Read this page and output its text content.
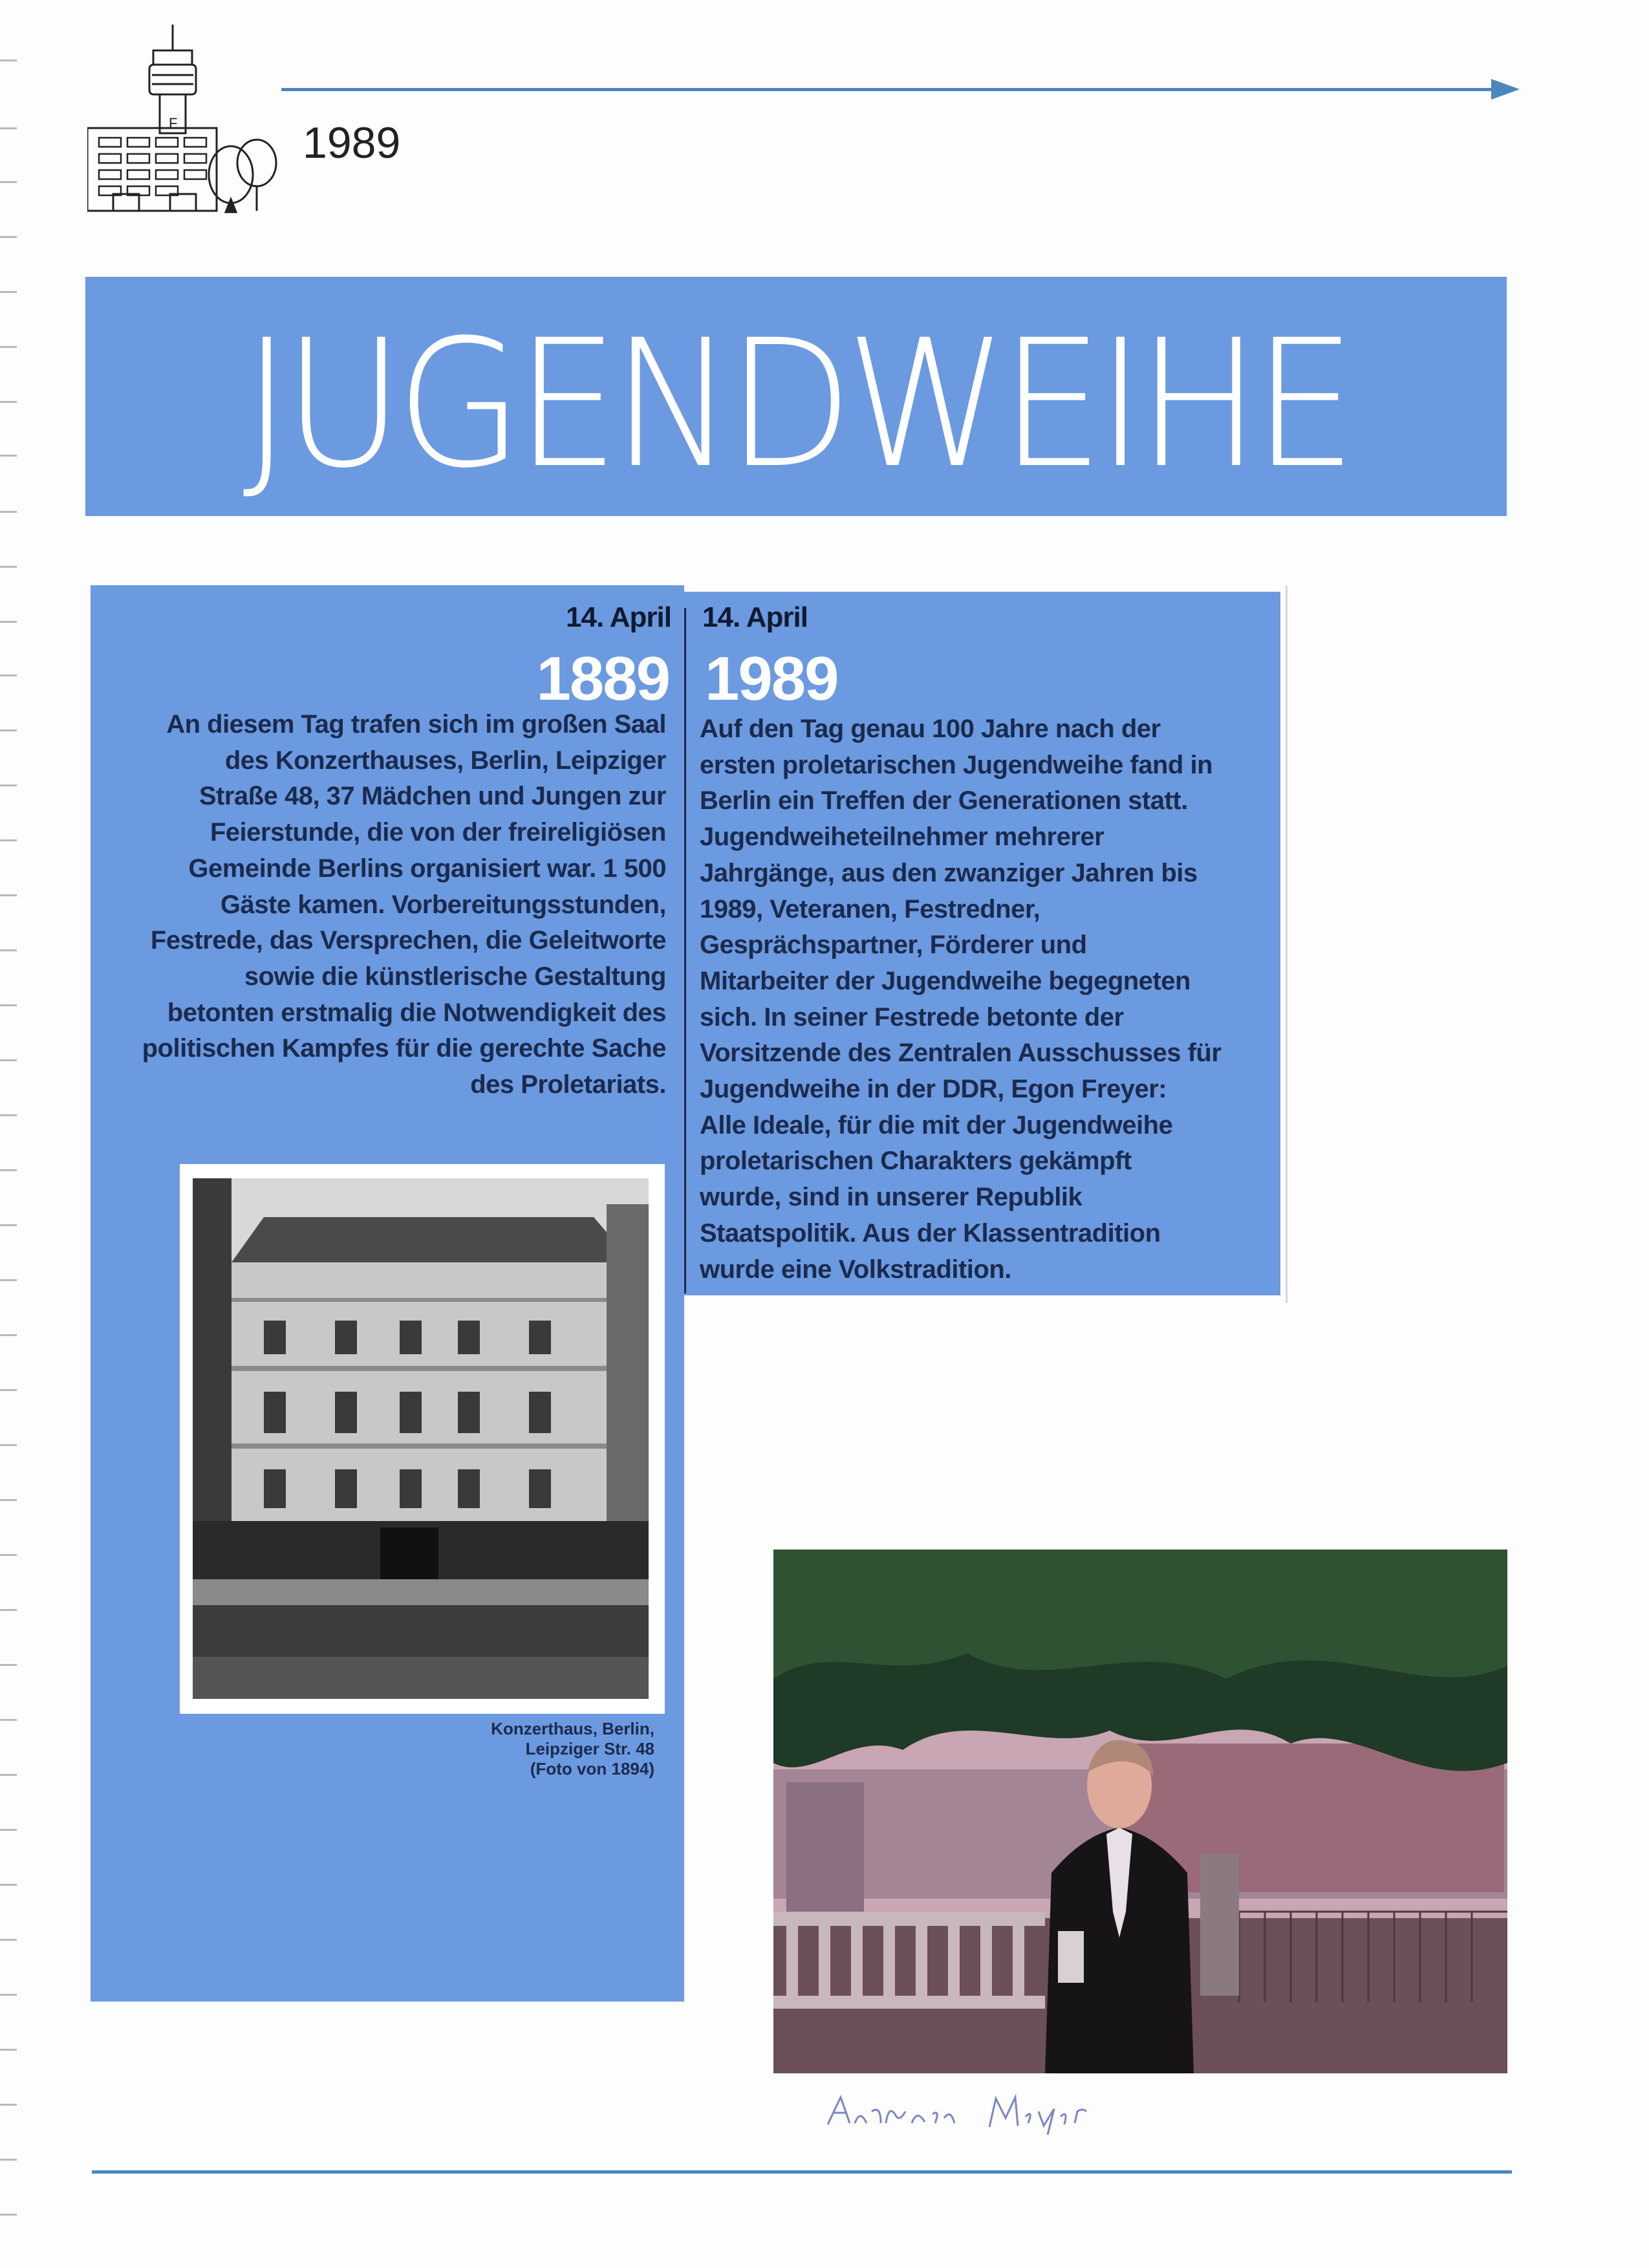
F	1989
JUGENDWEIHE
14. April
1889
An diesem Tag trafen sich im großen Saal
des Konzerthauses, Berlin, Leipziger
Straße 48, 37 Mädchen und Jungen zur
Feierstunde, die von der freireligiösen
Gemeinde Berlins organisiert war. 1 500
Gäste kamen. Vorbereitungsstunden,
Festrede, das Versprechen, die Geleitworte
sowie die künstlerische Gestaltung
betonten erstmalig die Notwendigkeit des
politischen Kampfes für die gerechte Sache
des Proletariats.
14. April
1989
Auf den Tag genau 100 Jahre nach der
ersten proletarischen Jugendweihe fand in
Berlin ein Treffen der Generationen statt.
Jugendweiheteilnehmer mehrerer
Jahrgänge, aus den zwanziger Jahren bis
1989, Veteranen, Festredner,
Gesprächspartner, Förderer und
Mitarbeiter der Jugendweihe begegneten
sich. In seiner Festrede betonte der
Vorsitzende des Zentralen Ausschusses für
Jugendweihe in der DDR, Egon Freyer:
Alle Ideale, für die mit der Jugendweihe
proletarischen Charakters gekämpft
wurde, sind in unserer Republik
Staatspolitik. Aus der Klassentradition
wurde eine Volkstradition.
Konzerthaus, Berlin,
Leipziger Str. 48
(Foto von 1894)
